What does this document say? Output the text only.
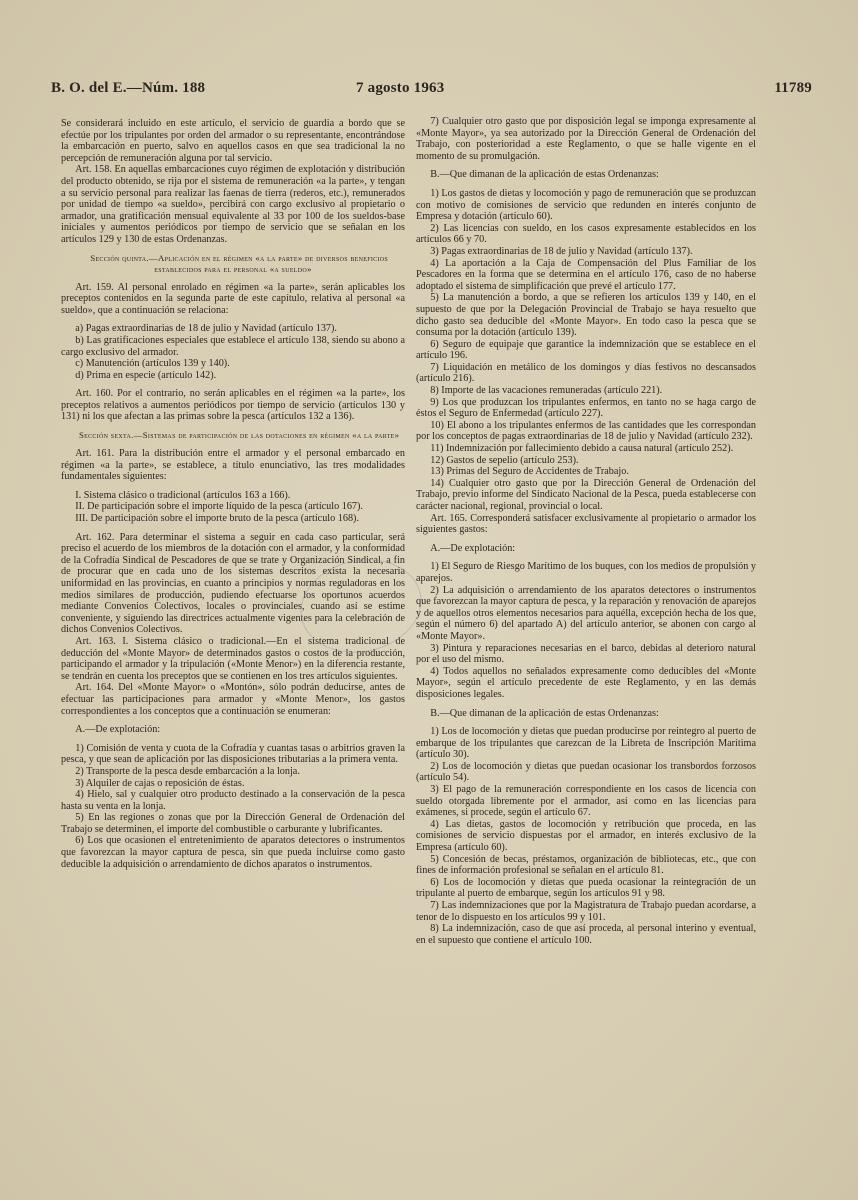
B. O. del E.—Núm. 188	7 agosto 1963	11789

Se considerará incluido en este artículo, el servicio de guardia a bordo que se efectúe por los tripulantes por orden del armador o su representante, encontrándose la embarcación en puerto, salvo en aquellos casos en que sea tradicional la no percepción de remuneración alguna por tal servicio.

Art. 158. En aquellas embarcaciones cuyo régimen de explotación y distribución del producto obtenido, se rija por el sistema de remuneración «a la parte», y tengan a su servicio personal para realizar las faenas de tierra (rederos, etc.), remunerados por unidad de tiempo «a sueldo», percibirá con cargo exclusivo al propietario o armador, una gratificación mensual equivalente al 33 por 100 de los sueldos-base iniciales y aumentos periódicos por tiempo de servicio que se señalan en los artículos 129 y 130 de estas Ordenanzas.

Sección quinta.—Aplicación en el régimen «a la parte» de diversos beneficios establecidos para el personal «a sueldo»

Art. 159. Al personal enrolado en régimen «a la parte», serán aplicables los preceptos contenidos en la segunda parte de este capítulo, relativa al personal «a sueldo», que a continuación se relaciona:

a) Pagas extraordinarias de 18 de julio y Navidad (artículo 137).

b) Las gratificaciones especiales que establece el artículo 138, siendo su abono a cargo exclusivo del armador.

c) Manutención (artículos 139 y 140).

d) Prima en especie (artículo 142).

Art. 160. Por el contrario, no serán aplicables en el régimen «a la parte», los preceptos relativos a aumentos periódicos por tiempo de servicio (artículos 130 y 131) ni los que afectan a las primas sobre la pesca (artículos 132 a 136).

Sección sexta.—Sistemas de participación de las dotaciones en régimen «a la parte»

Art. 161. Para la distribución entre el armador y el personal embarcado en régimen «a la parte», se establece, a título enunciativo, las tres modalidades fundamentales siguientes:

I. Sistema clásico o tradicional (artículos 163 a 166).

II. De participación sobre el importe líquido de la pesca (artículo 167).

III. De participación sobre el importe bruto de la pesca (artículo 168).

Art. 162. Para determinar el sistema a seguir en cada caso particular, será preciso el acuerdo de los miembros de la dotación con el armador, y la conformidad de la Cofradía Sindical de Pescadores de que se trate y Organización Sindical, a fin de procurar que en cada uno de los sistemas descritos exista la necesaria uniformidad en las provincias, en cuanto a principios y normas reguladoras en los medios similares de producción, pudiendo efectuarse los oportunos acuerdos mediante Convenios Colectivos, locales o provinciales, cuando así se estime conveniente, y siguiendo las directrices actualmente vigentes para la celebración de dichos Convenios Colectivos.

Art. 163. I. Sistema clásico o tradicional.—En el sistema tradicional de deducción del «Monte Mayor» de determinados gastos o costos de la producción, participando el armador y la tripulación («Monte Menor») en la diferencia restante, se tendrán en cuenta los preceptos que se contienen en los tres artículos siguientes.

Art. 164. Del «Monte Mayor» o «Montón», sólo podrán deducirse, antes de efectuar las participaciones para armador y «Monte Menor», los gastos correspondientes a los conceptos que a continuación se enumeran:

A.—De explotación:

1) Comisión de venta y cuota de la Cofradía y cuantas tasas o arbitrios graven la pesca, y que sean de aplicación por las disposiciones tributarias a la primera venta.

2) Transporte de la pesca desde embarcación a la lonja.

3) Alquiler de cajas o reposición de éstas.

4) Hielo, sal y cualquier otro producto destinado a la conservación de la pesca hasta su venta en la lonja.

5) En las regiones o zonas que por la Dirección General de Ordenación del Trabajo se determinen, el importe del combustible o carburante y lubrificantes.

6) Los que ocasionen el entretenimiento de aparatos detectores o instrumentos que favorezcan la mayor captura de pesca, sin que pueda incluirse como gasto deducible la adquisición o arrendamiento de dichos aparatos o instrumentos.

7) Cualquier otro gasto que por disposición legal se imponga expresamente al «Monte Mayor», ya sea autorizado por la Dirección General de Ordenación del Trabajo, con posterioridad a este Reglamento, o que se halle vigente en el momento de su promulgación.

B.—Que dimanan de la aplicación de estas Ordenanzas:

1) Los gastos de dietas y locomoción y pago de remuneración que se produzcan con motivo de comisiones de servicio que redunden en interés conjunto de Empresa y dotación (artículo 60).

2) Las licencias con sueldo, en los casos expresamente establecidos en los artículos 66 y 70.

3) Pagas extraordinarias de 18 de julio y Navidad (artículo 137).

4) La aportación a la Caja de Compensación del Plus Familiar de los Pescadores en la forma que se determina en el artículo 176, caso de no haberse adoptado el sistema de simplificación que prevé el artículo 177.

5) La manutención a bordo, a que se refieren los artículos 139 y 140, en el supuesto de que por la Delegación Provincial de Trabajo se haya resuelto que dicho gasto sea deducible del «Monte Mayor». En todo caso la pesca que se consuma por la dotación (artículo 139).

6) Seguro de equipaje que garantice la indemnización que se establece en el artículo 196.

7) Liquidación en metálico de los domingos y días festivos no descansados (artículo 216).

8) Importe de las vacaciones remuneradas (artículo 221).

9) Los que produzcan los tripulantes enfermos, en tanto no se haga cargo de éstos el Seguro de Enfermedad (artículo 227).

10) El abono a los tripulantes enfermos de las cantidades que les correspondan por los conceptos de pagas extraordinarias de 18 de julio y Navidad (artículo 232).

11) Indemnización por fallecimiento debido a causa natural (artículo 252).

12) Gastos de sepelio (artículo 253).

13) Primas del Seguro de Accidentes de Trabajo.

14) Cualquier otro gasto que por la Dirección General de Ordenación del Trabajo, previo informe del Sindicato Nacional de la Pesca, pueda establecerse con carácter nacional, regional, provincial o local.

Art. 165. Corresponderá satisfacer exclusivamente al propietario o armador los siguientes gastos:

A.—De explotación:

1) El Seguro de Riesgo Marítimo de los buques, con los medios de propulsión y aparejos.

2) La adquisición o arrendamiento de los aparatos detectores o instrumentos que favorezcan la mayor captura de pesca, y la reparación y renovación de aparejos y de aquellos otros elementos necesarios para aquélla, excepción hecha de los que, según el número 6) del apartado A) del artículo anterior, se abonen con cargo al «Monte Mayor».

3) Pintura y reparaciones necesarias en el barco, debidas al deterioro natural por el uso del mismo.

4) Todos aquellos no señalados expresamente como deducibles del «Monte Mayor», según el artículo precedente de este Reglamento, y en las demás disposiciones legales.

B.—Que dimanan de la aplicación de estas Ordenanzas:

1) Los de locomoción y dietas que puedan producirse por reintegro al puerto de embarque de los tripulantes que carezcan de la Libreta de Inscripción Marítima (artículo 30).

2) Los de locomoción y dietas que puedan ocasionar los transbordos forzosos (artículo 54).

3) El pago de la remuneración correspondiente en los casos de licencia con sueldo otorgada libremente por el armador, así como en las licencias para exámenes, si procede, según el artículo 67.

4) Las dietas, gastos de locomoción y retribución que proceda, en las comisiones de servicio dispuestas por el armador, en interés exclusivo de la Empresa (artículo 60).

5) Concesión de becas, préstamos, organización de bibliotecas, etc., que con fines de información profesional se señalan en el artículo 81.

6) Los de locomoción y dietas que pueda ocasionar la reintegración de un tripulante al puerto de embarque, según los artículos 91 y 98.

7) Las indemnizaciones que por la Magistratura de Trabajo puedan acordarse, a tenor de lo dispuesto en los artículos 99 y 101.

8) La indemnización, caso de que así proceda, al personal interino y eventual, en el supuesto que contiene el artículo 100.
